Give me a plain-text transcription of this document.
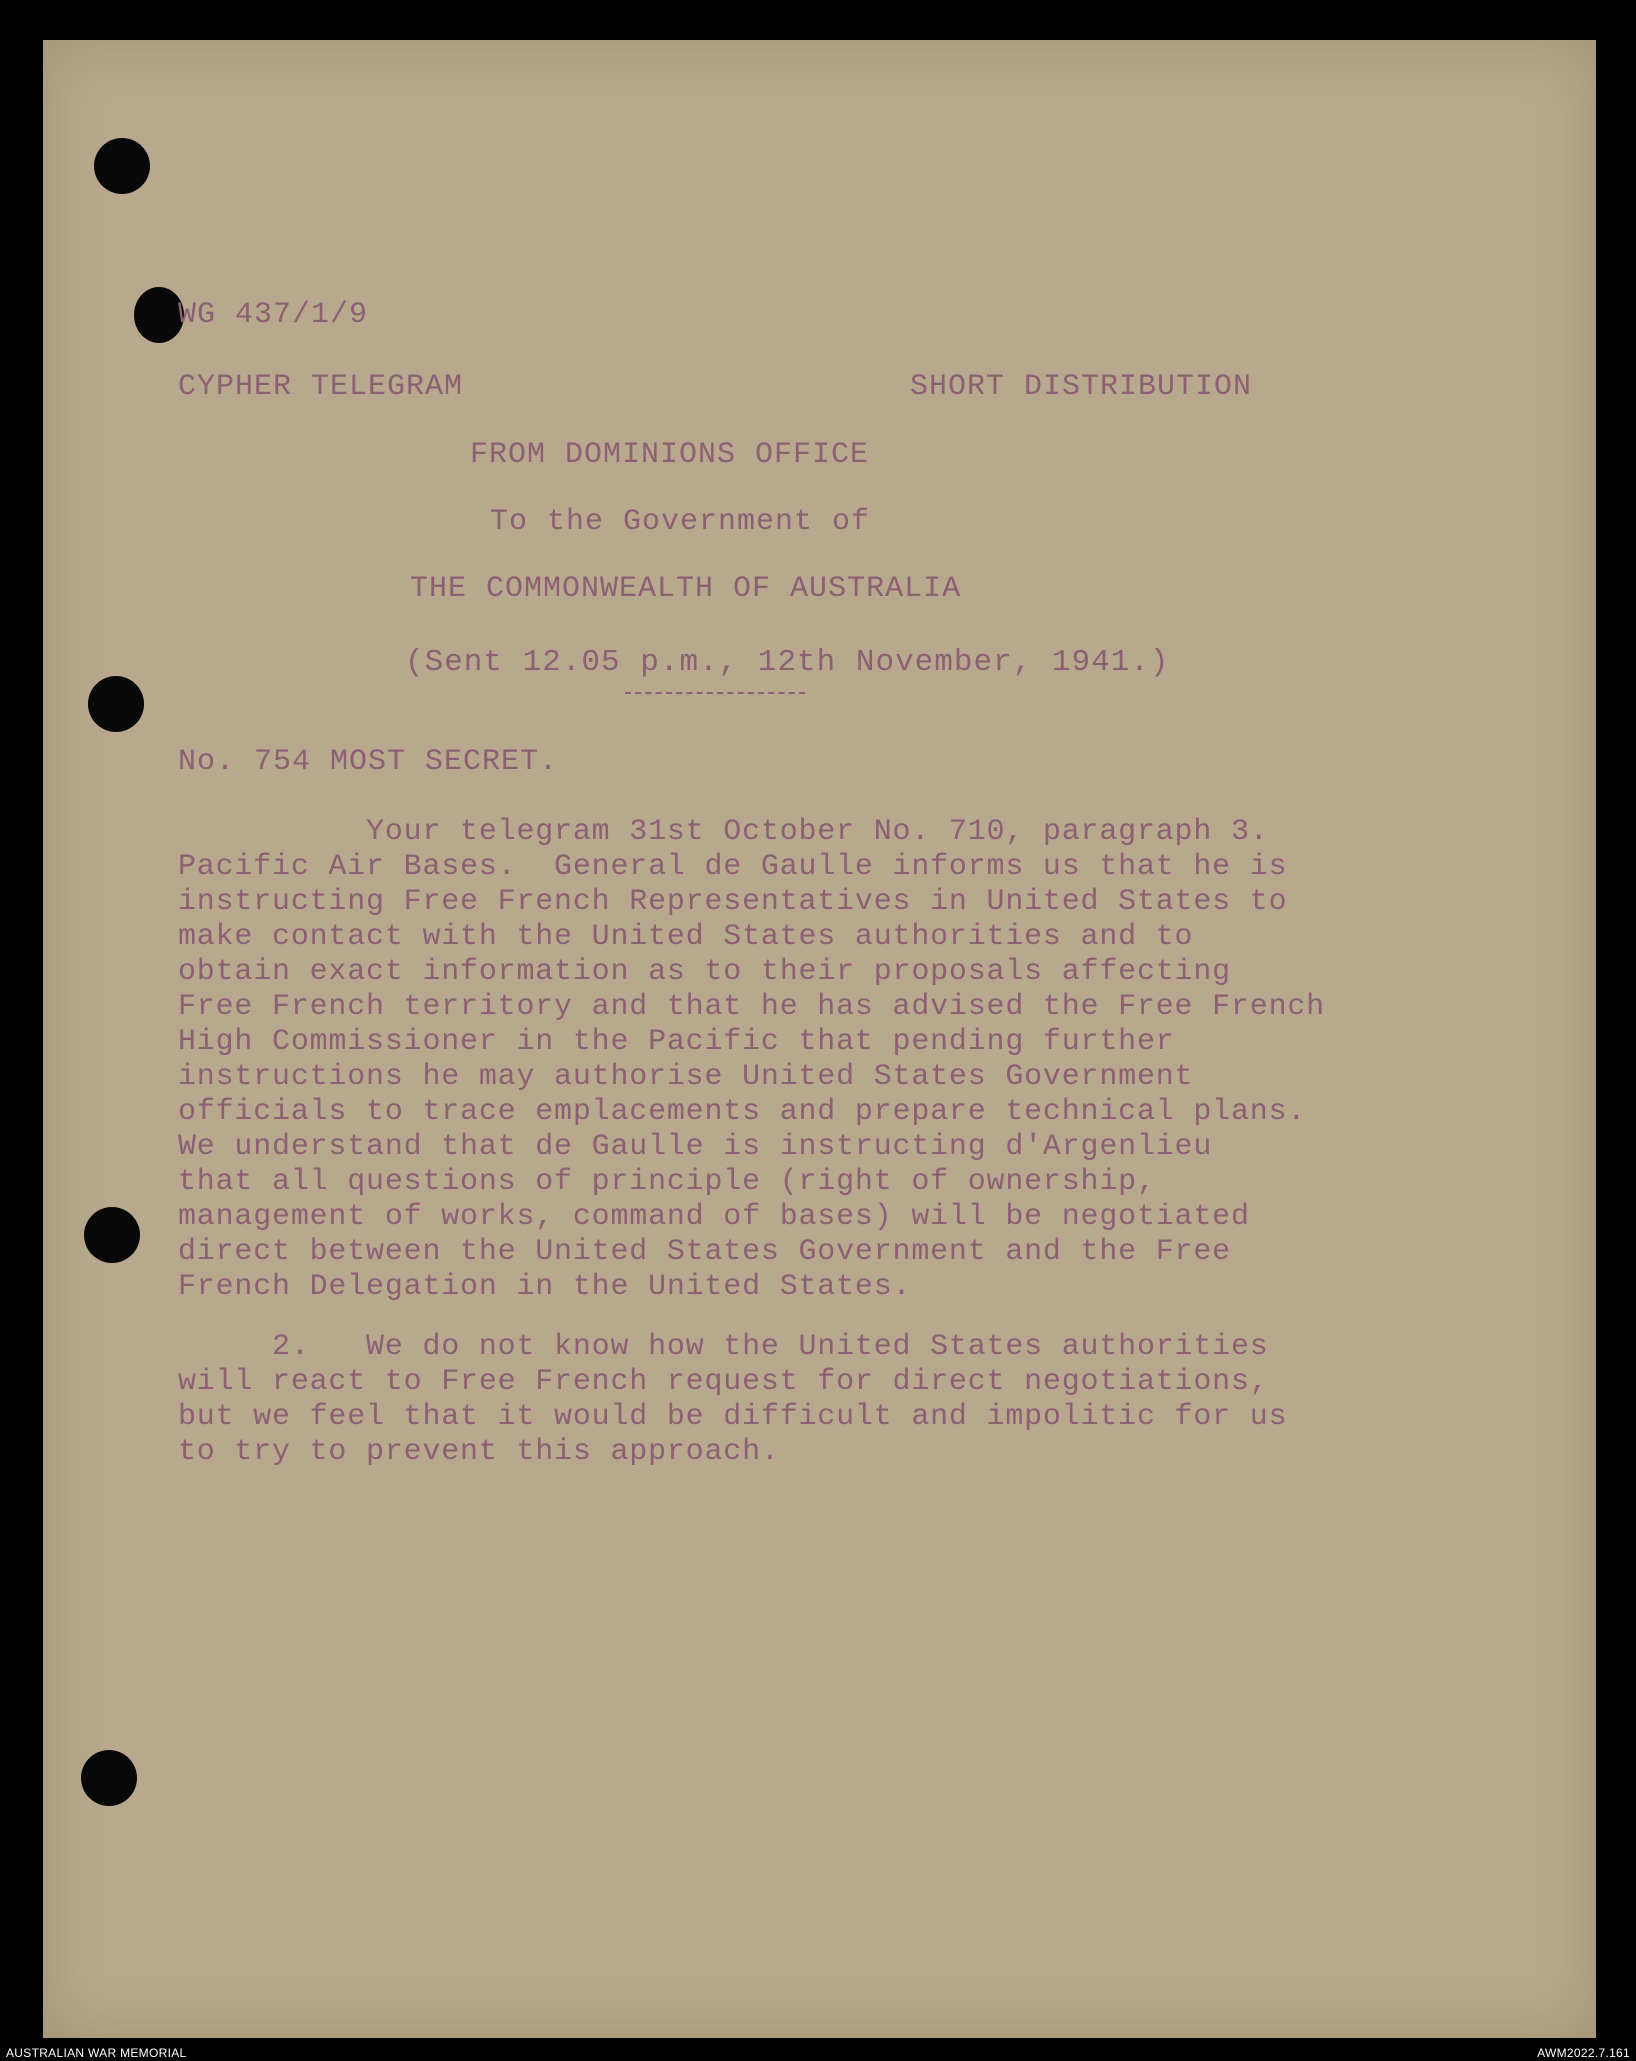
WG 437/1/9
CYPHER TELEGRAM	SHORT DISTRIBUTION
FROM DOMINIONS OFFICE
To the Government of
THE COMMONWEALTH OF AUSTRALIA
(Sent 12.05 p.m., 12th November, 1941.)
No. 754 MOST SECRET.
Your telegram 31st October No. 710, paragraph 3.
Pacific Air Bases.  General de Gaulle informs us that he is
instructing Free French Representatives in United States to
make contact with the United States authorities and to
obtain exact information as to their proposals affecting
Free French territory and that he has advised the Free French
High Commissioner in the Pacific that pending further
instructions he may authorise United States Government
officials to trace emplacements and prepare technical plans.
We understand that de Gaulle is instructing d'Argenlieu
that all questions of principle (right of ownership,
management of works, command of bases) will be negotiated
direct between the United States Government and the Free
French Delegation in the United States.
2.   We do not know how the United States authorities
will react to Free French request for direct negotiations,
but we feel that it would be difficult and impolitic for us
to try to prevent this approach.
AUSTRALIAN WAR MEMORIAL	AWM2022.7.161
